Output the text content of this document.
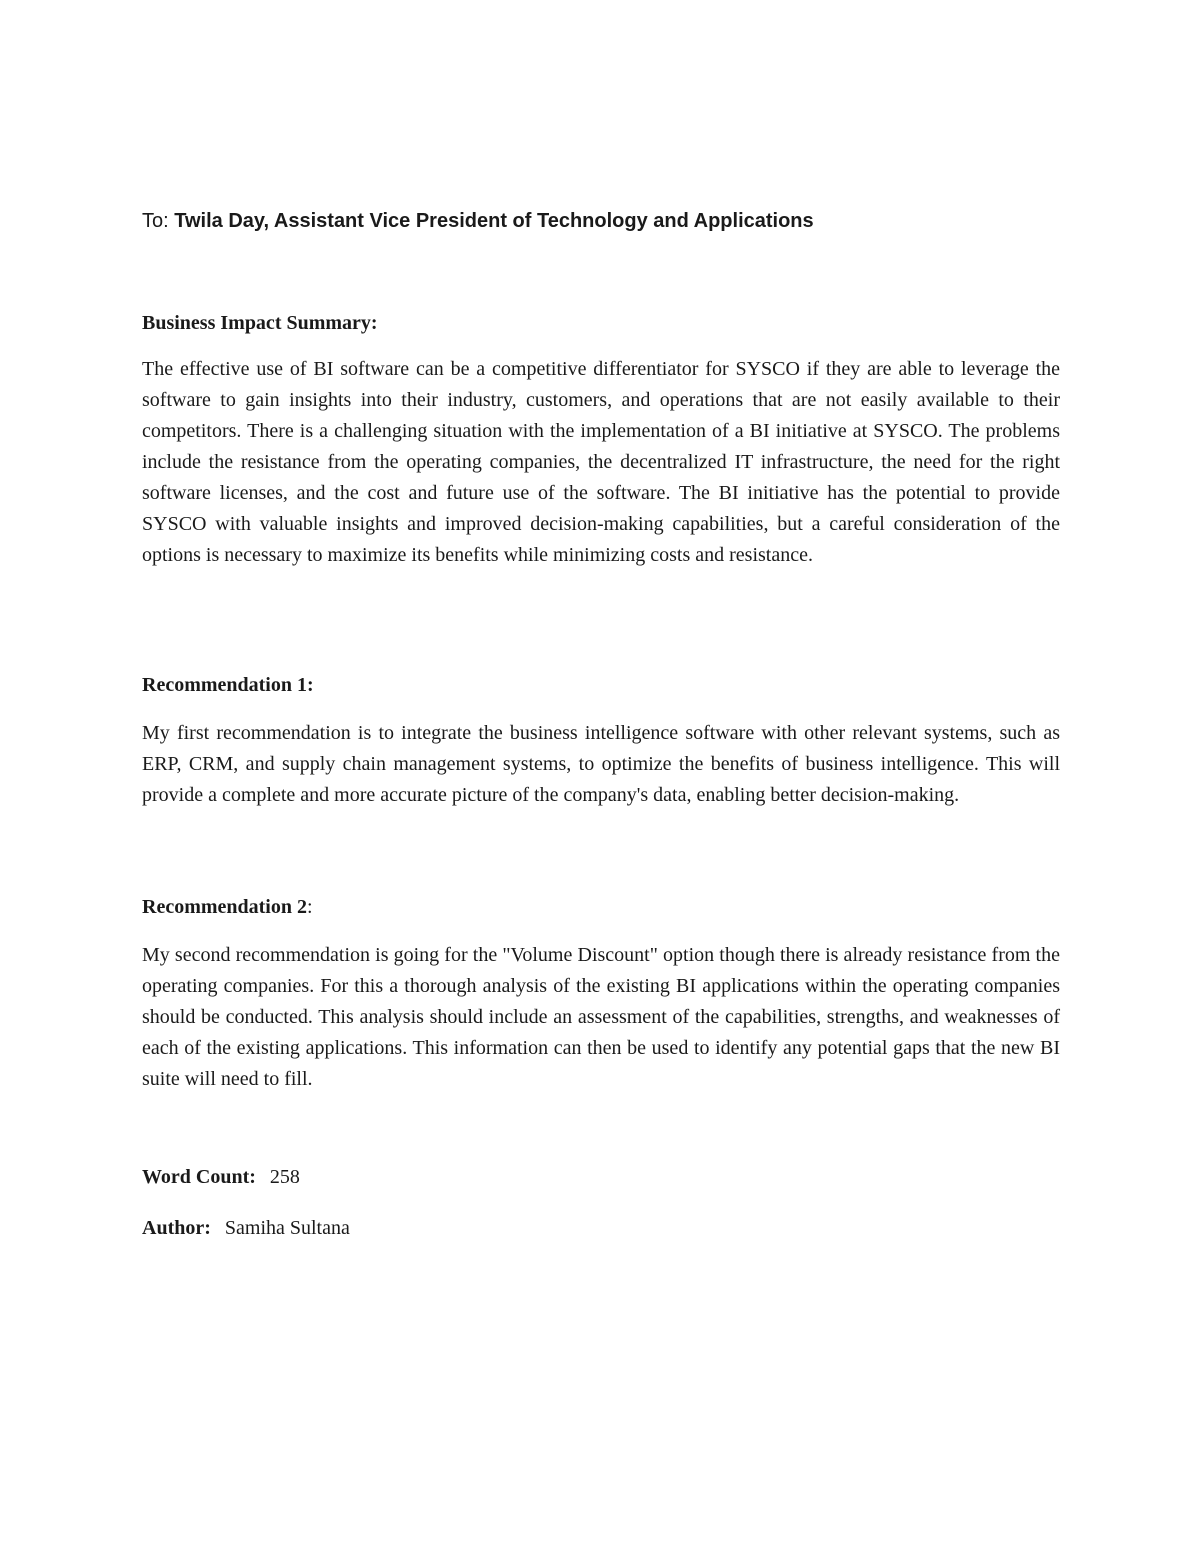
To: Twila Day, Assistant Vice President of Technology and Applications
Business Impact Summary:

The effective use of BI software can be a competitive differentiator for SYSCO if they are able to leverage the software to gain insights into their industry, customers, and operations that are not easily available to their competitors. There is a challenging situation with the implementation of a BI initiative at SYSCO. The problems include the resistance from the operating companies, the decentralized IT infrastructure, the need for the right software licenses, and the cost and future use of the software. The BI initiative has the potential to provide SYSCO with valuable insights and improved decision-making capabilities, but a careful consideration of the options is necessary to maximize its benefits while minimizing costs and resistance.

Recommendation 1:

My first recommendation is to integrate the business intelligence software with other relevant systems, such as ERP, CRM, and supply chain management systems, to optimize the benefits of business intelligence. This will provide a complete and more accurate picture of the company's data, enabling better decision-making.

Recommendation 2:

My second recommendation is going for the "Volume Discount" option though there is already resistance from the operating companies. For this a thorough analysis of the existing BI applications within the operating companies should be conducted. This analysis should include an assessment of the capabilities, strengths, and weaknesses of each of the existing applications. This information can then be used to identify any potential gaps that the new BI suite will need to fill.

Word Count: 258
Author: Samiha Sultana
